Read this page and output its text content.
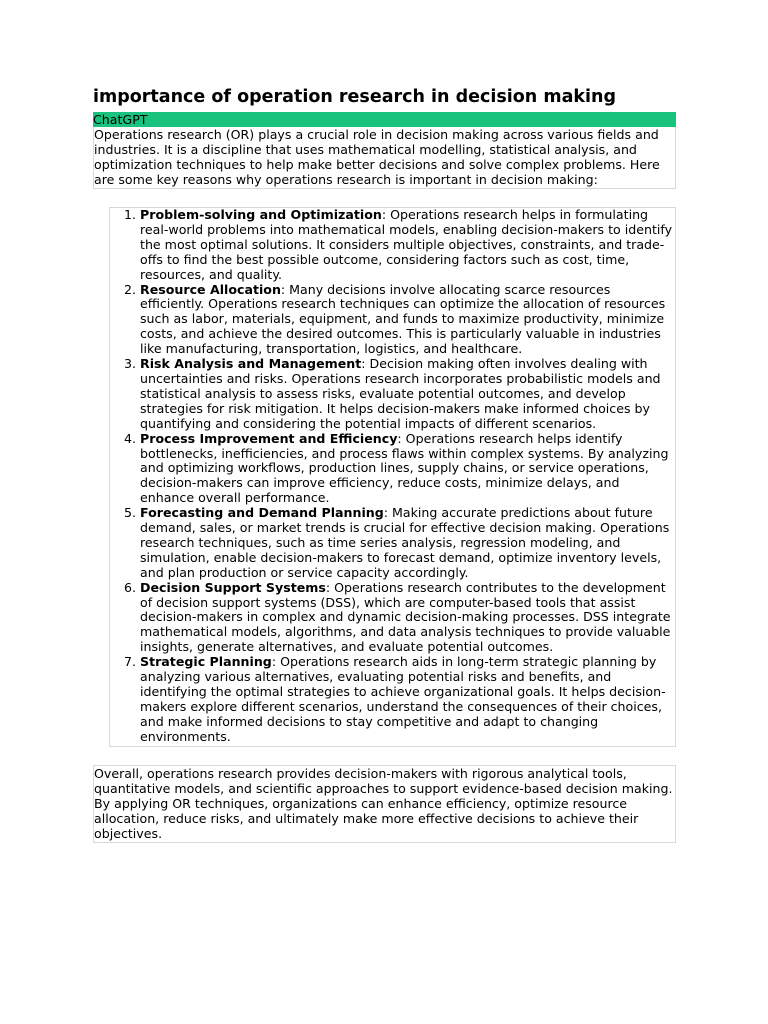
importance of operation research in decision making
ChatGPT
Operations research (OR) plays a crucial role in decision making across various fields and industries. It is a discipline that uses mathematical modelling, statistical analysis, and optimization techniques to help make better decisions and solve complex problems. Here are some key reasons why operations research is important in decision making:
1. Problem-solving and Optimization: Operations research helps in formulating real-world problems into mathematical models, enabling decision-makers to identify the most optimal solutions. It considers multiple objectives, constraints, and trade-offs to find the best possible outcome, considering factors such as cost, time, resources, and quality.
2. Resource Allocation: Many decisions involve allocating scarce resources efficiently. Operations research techniques can optimize the allocation of resources such as labor, materials, equipment, and funds to maximize productivity, minimize costs, and achieve the desired outcomes. This is particularly valuable in industries like manufacturing, transportation, logistics, and healthcare.
3. Risk Analysis and Management: Decision making often involves dealing with uncertainties and risks. Operations research incorporates probabilistic models and statistical analysis to assess risks, evaluate potential outcomes, and develop strategies for risk mitigation. It helps decision-makers make informed choices by quantifying and considering the potential impacts of different scenarios.
4. Process Improvement and Efficiency: Operations research helps identify bottlenecks, inefficiencies, and process flaws within complex systems. By analyzing and optimizing workflows, production lines, supply chains, or service operations, decision-makers can improve efficiency, reduce costs, minimize delays, and enhance overall performance.
5. Forecasting and Demand Planning: Making accurate predictions about future demand, sales, or market trends is crucial for effective decision making. Operations research techniques, such as time series analysis, regression modeling, and simulation, enable decision-makers to forecast demand, optimize inventory levels, and plan production or service capacity accordingly.
6. Decision Support Systems: Operations research contributes to the development of decision support systems (DSS), which are computer-based tools that assist decision-makers in complex and dynamic decision-making processes. DSS integrate mathematical models, algorithms, and data analysis techniques to provide valuable insights, generate alternatives, and evaluate potential outcomes.
7. Strategic Planning: Operations research aids in long-term strategic planning by analyzing various alternatives, evaluating potential risks and benefits, and identifying the optimal strategies to achieve organizational goals. It helps decision-makers explore different scenarios, understand the consequences of their choices, and make informed decisions to stay competitive and adapt to changing environments.
Overall, operations research provides decision-makers with rigorous analytical tools, quantitative models, and scientific approaches to support evidence-based decision making. By applying OR techniques, organizations can enhance efficiency, optimize resource allocation, reduce risks, and ultimately make more effective decisions to achieve their objectives.
